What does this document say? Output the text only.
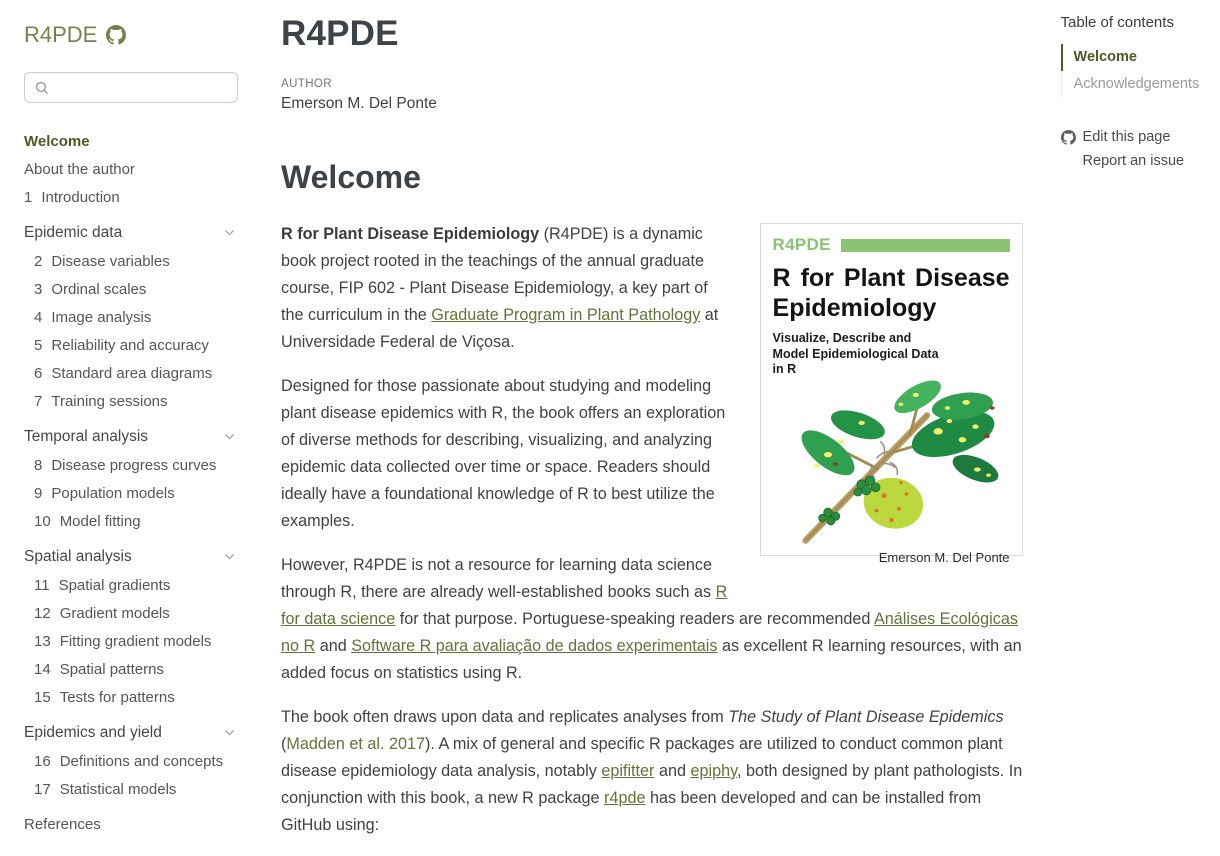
R4PDE
Welcome
About the author
1 Introduction
Epidemic data
2 Disease variables
3 Ordinal scales
4 Image analysis
5 Reliability and accuracy
6 Standard area diagrams
7 Training sessions
Temporal analysis
8 Disease progress curves
9 Population models
10 Model fitting
Spatial analysis
11 Spatial gradients
12 Gradient models
13 Fitting gradient models
14 Spatial patterns
15 Tests for patterns
Epidemics and yield
16 Definitions and concepts
17 Statistical models
References
R4PDE
AUTHOR
Emerson M. Del Ponte
Welcome
R4PDE
R for Plant Disease Epidemiology
Visualize, Describe and Model Epidemiological Data in R
Emerson M. Del Ponte

R for Plant Disease Epidemiology (R4PDE) is a dynamic book project rooted in the teachings of the annual graduate course, FIP 602 - Plant Disease Epidemiology, a key part of the curriculum in the Graduate Program in Plant Pathology at Universidade Federal de Viçosa.

Designed for those passionate about studying and modeling plant disease epidemics with R, the book offers an exploration of diverse methods for describing, visualizing, and analyzing epidemic data collected over time or space. Readers should ideally have a foundational knowledge of R to best utilize the examples.

However, R4PDE is not a resource for learning data science through R, there are already well-established books such as R for data science for that purpose. Portuguese-speaking readers are recommended Análises Ecológicas no R and Software R para avaliação de dados experimentais as excellent R learning resources, with an added focus on statistics using R.

The book often draws upon data and replicates analyses from The Study of Plant Disease Epidemics (Madden et al. 2017). A mix of general and specific R packages are utilized to conduct common plant disease epidemiology data analysis, notably epifitter and epiphy, both designed by plant pathologists. In conjunction with this book, a new R package r4pde has been developed and can be installed from GitHub using:

Table of contents
Welcome
Acknowledgements
Edit this page
Report an issue
